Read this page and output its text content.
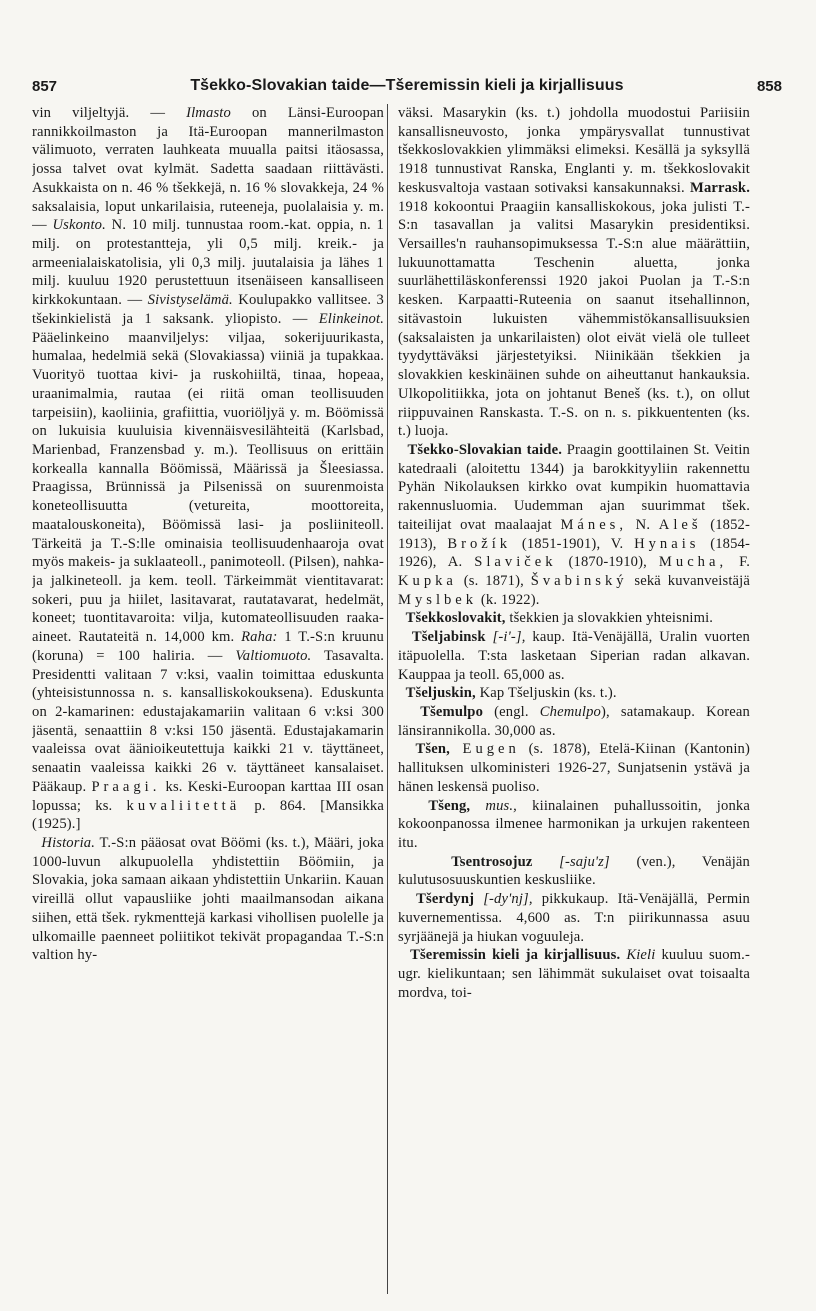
857	Tšekko-Slovakian taide—Tšeremissin kieli ja kirjallisuus	858

vin viljeltyjä. — Ilmasto on Länsi-Euroopan rannikkoilmaston ja Itä-Euroopan mannerilmaston välimuoto, verraten lauhkeata muualla paitsi itäosassa, jossa talvet ovat kylmät. Sadetta saadaan riittävästi. Asukkaista on n. 46 % tšekkejä, n. 16 % slovakkeja, 24 % saksalaisia, loput unkarilaisia, ruteeneja, puolalaisia y. m. — Uskonto. N. 10 milj. tunnustaa room.-kat. oppia, n. 1 milj. on protestantteja, yli 0,5 milj. kreik.- ja armeenialaiskatolisia, yli 0,3 milj. juutalaisia ja lähes 1 milj. kuuluu 1920 perustettuun itsenäiseen kansalliseen kirkkokuntaan. — Sivistyselämä. Koulupakko vallitsee. 3 tšekinkielistä ja 1 saksank. yliopisto. — Elinkeinot. Pääelinkeino maanviljelys: viljaa, sokerijuurikasta, humalaa, hedelmiä sekä (Slovakiassa) viiniä ja tupakkaa. Vuorityö tuottaa kivi- ja ruskohiiltä, tinaa, hopeaa, uraanimalmia, rautaa (ei riitä oman teollisuuden tarpeisiin), kaoliinia, grafiittia, vuoriöljyä y. m. Böömissä on lukuisia kuuluisia kivennäisvesilähteitä (Karlsbad, Marienbad, Franzensbad y. m.). Teollisuus on erittäin korkealla kannalla Böömissä, Määrissä ja Šleesiassa. Praagissa, Brünnissä ja Pilsenissä on suurenmoista koneteollisuutta (vetureita, moottoreita, maatalouskoneita), Böömissä lasi- ja posliiniteoll. Tärkeitä ja T.-S:lle ominaisia teollisuudenhaaroja ovat myös makeis- ja suklaateoll., panimoteoll. (Pilsen), nahka- ja jalkineteoll. ja kem. teoll. Tärkeimmät vientitavarat: sokeri, puu ja hiilet, lasitavarat, rautatavarat, hedelmät, koneet; tuontitavaroita: vilja, kutomateollisuuden raaka-aineet. Rautateitä n. 14,000 km. Raha: 1 T.-S:n kruunu (koruna) = 100 haliria. — Valtiomuoto. Tasavalta. Presidentti valitaan 7 v:ksi, vaalin toimittaa eduskunta (yhteisistunnossa n. s. kansalliskokouksena). Eduskunta on 2-kamarinen: edustajakamariin valitaan 6 v:ksi 300 jäsentä, senaattiin 8 v:ksi 150 jäsentä. Edustajakamarin vaaleissa ovat äänioikeutettuja kaikki 21 v. täyttäneet, senaatin vaaleissa kaikki 26 v. täyttäneet kansalaiset. Pääkaup. Praagi. ks. Keski-Euroopan karttaa III osan lopussa; ks. kuvaliitettä p. 864. [Mansikka (1925).]

Historia. T.-S:n pääosat ovat Böömi (ks. t.), Määri, joka 1000-luvun alkupuolella yhdistettiin Böömiin, ja Slovakia, joka samaan aikaan yhdistettiin Unkariin. Kauan vireillä ollut vapausliike johti maailmansodan aikana siihen, että tšek. rykmenttejä karkasi vihollisen puolelle ja ulkomaille paenneet poliitikot tekivät propagandaa T.-S:n valtion hy-

väksi. Masarykin (ks. t.) johdolla muodostui Pariisiin kansallisneuvosto, jonka ympärysvallat tunnustivat tšekkoslovakkien ylimmäksi elimeksi. Kesällä ja syksyllä 1918 tunnustivat Ranska, Englanti y. m. tšekkoslovakit keskusvaltoja vastaan sotivaksi kansakunnaksi. Marrask. 1918 kokoontui Praagiin kansalliskokous, joka julisti T.-S:n tasavallan ja valitsi Masarykin presidentiksi. Versailles'n rauhansopimuksessa T.-S:n alue määrättiin, lukuunottamatta Teschenin aluetta, jonka suurlähettiläskonferenssi 1920 jakoi Puolan ja T.-S:n kesken. Karpaatti-Ruteenia on saanut itsehallinnon, sitävastoin lukuisten vähemmistökansallisuuksien (saksalaisten ja unkarilaisten) olot eivät vielä ole tulleet tyydyttäväksi järjestetyiksi. Niinikään tšekkien ja slovakkien keskinäinen suhde on aiheuttanut hankauksia. Ulkopolitiikka, jota on johtanut Beneš (ks. t.), on ollut riippuvainen Ranskasta. T.-S. on n. s. pikkuententen (ks. t.) luoja.

Tšekko-Slovakian taide. Praagin goottilainen St. Veitin katedraali (aloitettu 1344) ja barokkityyliin rakennettu Pyhän Nikolauksen kirkko ovat kumpikin huomattavia rakennusluomia. Uudemman ajan suurimmat tšek. taiteilijat ovat maalaajat Mánes, N. Aleš (1852-1913), Brožík (1851-1901), V. Hynais (1854-1926), A. Slaviček (1870-1910), Mucha, F. Kupka (s. 1871), Švabinský sekä kuvanveistäjä Myslbek (k. 1922).

Tšekkoslovakit, tšekkien ja slovakkien yhteisnimi.

Tšeljabinsk [-i'-], kaup. Itä-Venäjällä, Uralin vuorten itäpuolella. T:sta lasketaan Siperian radan alkavan. Kauppaa ja teoll. 65,000 as.

Tšeljuskin, Kap Tšeljuskin (ks. t.).

Tšemulpo (engl. Chemulpo), satamakaup. Korean länsirannikolla. 30,000 as.

Tšen, Eugen (s. 1878), Etelä-Kiinan (Kantonin) hallituksen ulkoministeri 1926-27, Sunjatsenin ystävä ja hänen leskensä puoliso.

Tšeng, mus., kiinalainen puhallussoitin, jonka kokoonpanossa ilmenee harmonikan ja urkujen rakenteen itu.

Tsentrosojuz [-saju'z] (ven.), Venäjän kulutusosuuskuntien keskusliike.

Tšerdynj [-dy'nj], pikkukaup. Itä-Venäjällä, Permin kuvernementissa. 4,600 as. T:n piirikunnassa asuu syrjäänejä ja hiukan voguuleja.

Tšeremissin kieli ja kirjallisuus. Kieli kuuluu suom.-ugr. kielikuntaan; sen lähimmät sukulaiset ovat toisaalta mordva, toi-
